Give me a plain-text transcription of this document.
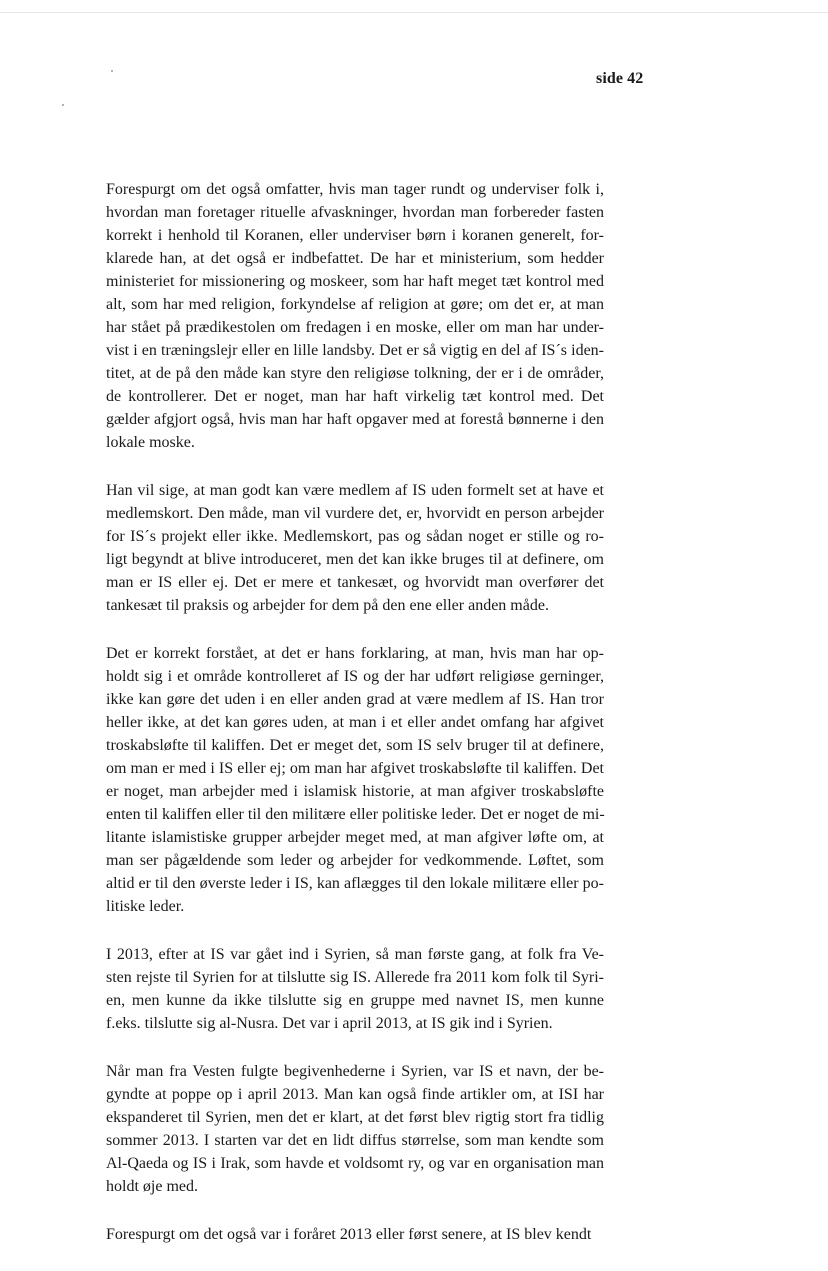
side 42

Forespurgt om det også omfatter, hvis man tager rundt og underviser folk i,
hvordan man foretager rituelle afvaskninger, hvordan man forbereder fasten
korrekt i henhold til Koranen, eller underviser børn i koranen generelt, for-
klarede han, at det også er indbefattet. De har et ministerium, som hedder
ministeriet for missionering og moskeer, som har haft meget tæt kontrol med
alt, som har med religion, forkyndelse af religion at gøre; om det er, at man
har stået på prædikestolen om fredagen i en moske, eller om man har under-
vist i en træningslejr eller en lille landsby. Det er så vigtig en del af IS´s iden-
titet, at de på den måde kan styre den religiøse tolkning, der er i de områder,
de kontrollerer. Det er noget, man har haft virkelig tæt kontrol med. Det
gælder afgjort også, hvis man har haft opgaver med at forestå bønnerne i den
lokale moske.

Han vil sige, at man godt kan være medlem af IS uden formelt set at have et
medlemskort. Den måde, man vil vurdere det, er, hvorvidt en person arbejder
for IS´s projekt eller ikke. Medlemskort, pas og sådan noget er stille og ro-
ligt begyndt at blive introduceret, men det kan ikke bruges til at definere, om
man er IS eller ej. Det er mere et tankesæt, og hvorvidt man overfører det
tankesæt til praksis og arbejder for dem på den ene eller anden måde.

Det er korrekt forstået, at det er hans forklaring, at man, hvis man har op-
holdt sig i et område kontrolleret af IS og der har udført religiøse gerninger,
ikke kan gøre det uden i en eller anden grad at være medlem af IS. Han tror
heller ikke, at det kan gøres uden, at man i et eller andet omfang har afgivet
troskabsløfte til kaliffen. Det er meget det, som IS selv bruger til at definere,
om man er med i IS eller ej; om man har afgivet troskabsløfte til kaliffen. Det
er noget, man arbejder med i islamisk historie, at man afgiver troskabsløfte
enten til kaliffen eller til den militære eller politiske leder. Det er noget de mi-
litante islamistiske grupper arbejder meget med, at man afgiver løfte om, at
man ser pågældende som leder og arbejder for vedkommende. Løftet, som
altid er til den øverste leder i IS, kan aflægges til den lokale militære eller po-
litiske leder.

I 2013, efter at IS var gået ind i Syrien, så man første gang, at folk fra Ve-
sten rejste til Syrien for at tilslutte sig IS. Allerede fra 2011 kom folk til Syri-
en, men kunne da ikke tilslutte sig en gruppe med navnet IS, men kunne
f.eks. tilslutte sig al-Nusra. Det var i april 2013, at IS gik ind i Syrien.

Når man fra Vesten fulgte begivenhederne i Syrien, var IS et navn, der be-
gyndte at poppe op i april 2013. Man kan også finde artikler om, at ISI har
ekspanderet til Syrien, men det er klart, at det først blev rigtig stort fra tidlig
sommer 2013. I starten var det en lidt diffus størrelse, som man kendte som
Al-Qaeda og IS i Irak, som havde et voldsomt ry, og var en organisation man
holdt øje med.

Forespurgt om det også var i foråret 2013 eller først senere, at IS blev kendt
